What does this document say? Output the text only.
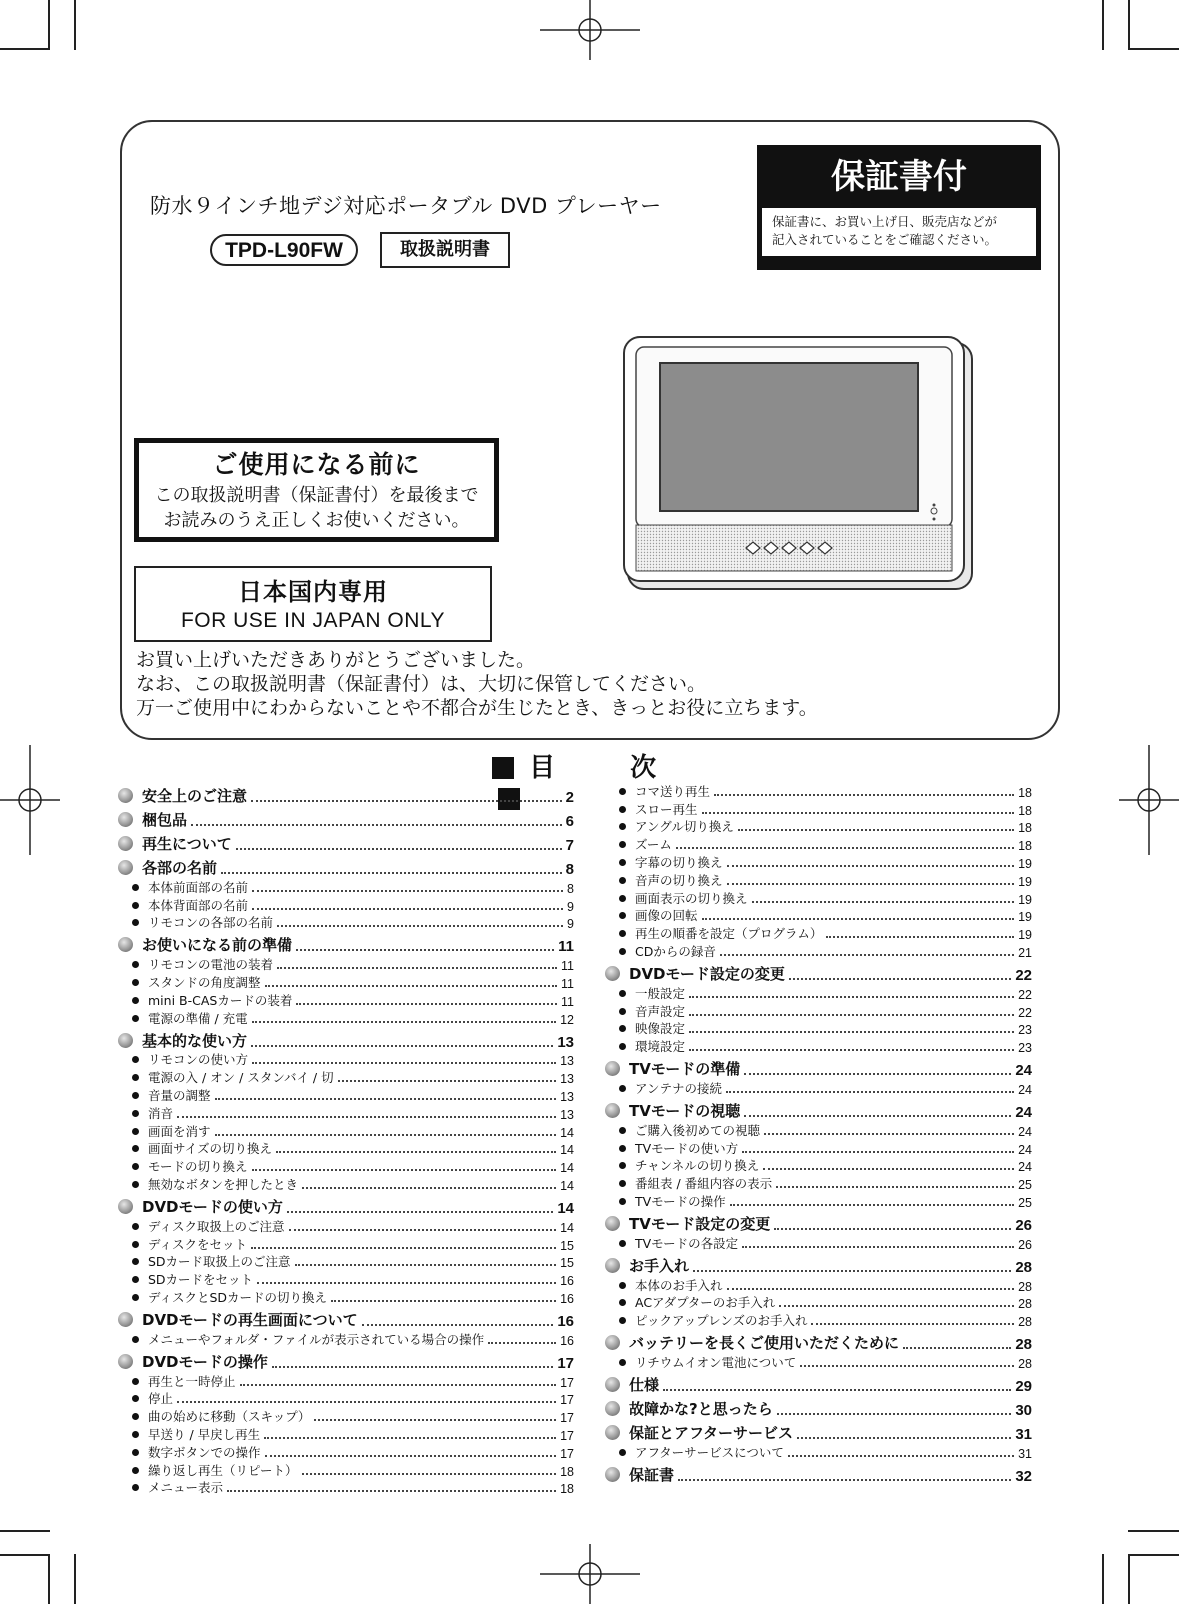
防水９インチ地デジ対応ポータブル DVD プレーヤー
TPD-L90FW	取扱説明書
保証書付
保証書に、お買い上げ日、販売店などが
記入されていることをご確認ください。
ご使用になる前に
この取扱説明書（保証書付）を最後まで
お読みのうえ正しくお使いください。
日本国内専用
FOR USE IN JAPAN ONLY
お買い上げいただきありがとうございました。
なお、この取扱説明書（保証書付）は、大切に保管してください。
万一ご使用中にわからないことや不都合が生じたとき、きっとお役に立ちます。
目	次
安全上のご注意	2
梱包品	6
再生について	7
各部の名前	8
本体前面部の名前	8
本体背面部の名前	9
リモコンの各部の名前	9
お使いになる前の準備	11
リモコンの電池の装着	11
スタンドの角度調整	11
mini B-CASカードの装着	11
電源の準備 / 充電	12
基本的な使い方	13
リモコンの使い方	13
電源の入 / オン / スタンバイ / 切	13
音量の調整	13
消音	13
画面を消す	14
画面サイズの切り換え	14
モードの切り換え	14
無効なボタンを押したとき	14
DVDモードの使い方	14
ディスク取扱上のご注意	14
ディスクをセット	15
SDカード取扱上のご注意	15
SDカードをセット	16
ディスクとSDカードの切り換え	16
DVDモードの再生画面について	16
メニューやフォルダ・ファイルが表示されている場合の操作	16
DVDモードの操作	17
再生と一時停止	17
停止	17
曲の始めに移動（スキップ）	17
早送り / 早戻し再生	17
数字ボタンでの操作	17
繰り返し再生（リピート）	18
メニュー表示	18
コマ送り再生	18
スロー再生	18
アングル切り換え	18
ズーム	18
字幕の切り換え	19
音声の切り換え	19
画面表示の切り換え	19
画像の回転	19
再生の順番を設定（プログラム）	19
CDからの録音	21
DVDモード設定の変更	22
一般設定	22
音声設定	22
映像設定	23
環境設定	23
TVモードの準備	24
アンテナの接続	24
TVモードの視聴	24
ご購入後初めての視聴	24
TVモードの使い方	24
チャンネルの切り換え	24
番組表 / 番組内容の表示	25
TVモードの操作	25
TVモード設定の変更	26
TVモードの各設定	26
お手入れ	28
本体のお手入れ	28
ACアダプターのお手入れ	28
ピックアップレンズのお手入れ	28
バッテリーを長くご使用いただくために	28
リチウムイオン電池について	28
仕様	29
故障かな?と思ったら	30
保証とアフターサービス	31
アフターサービスについて	31
保証書	32
